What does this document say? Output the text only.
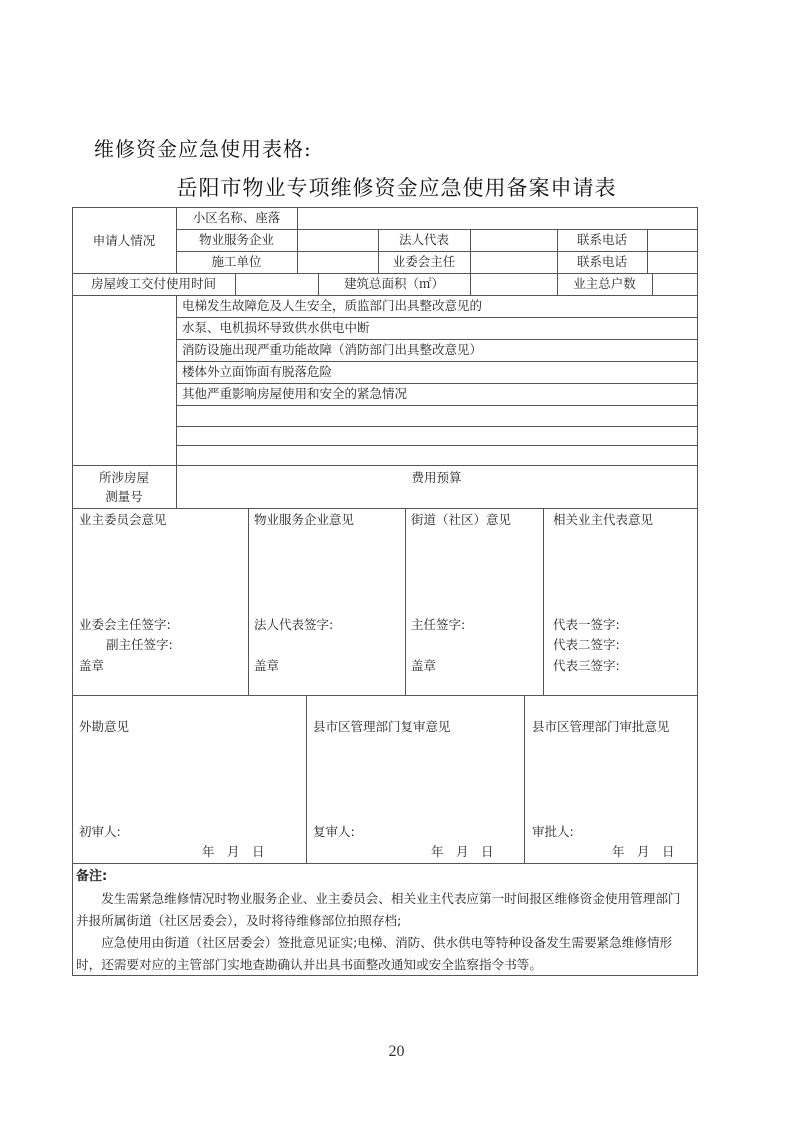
维修资金应急使用表格:
岳阳市物业专项维修资金应急使用备案申请表
申请人情况
小区名称、座落
物业服务企业	法人代表	联系电话
施工单位	业委会主任	联系电话
房屋竣工交付使用时间	建筑总面积（㎡）	业主总户数
电梯发生故障危及人生安全，质监部门出具整改意见的
水泵、电机损坏导致供水供电中断
消防设施出现严重功能故障（消防部门出具整改意见）
楼体外立面饰面有脱落危险
其他严重影响房屋使用和安全的紧急情况
所涉房屋
测量号
费用预算
业主委员会意见
业委会主任签字:
副主任签字:
盖章
物业服务企业意见
法人代表签字:
盖章
街道（社区）意见
主任签字:
盖章
相关业主代表意见
代表一签字:
代表二签字:
代表三签字:
外勘意见
初审人:
年　月　日
县市区管理部门复审意见
复审人:
年　月　日
县市区管理部门审批意见
审批人:
年　月　日
备注:

发生需紧急维修情况时物业服务企业、业主委员会、相关业主代表应第一时间报区维修资金使用管理部门并报所属街道（社区居委会），及时将待维修部位拍照存档;

应急使用由街道（社区居委会）签批意见证实;电梯、消防、供水供电等特种设备发生需要紧急维修情形时，还需要对应的主管部门实地查勘确认并出具书面整改通知或安全监察指令书等。

20
